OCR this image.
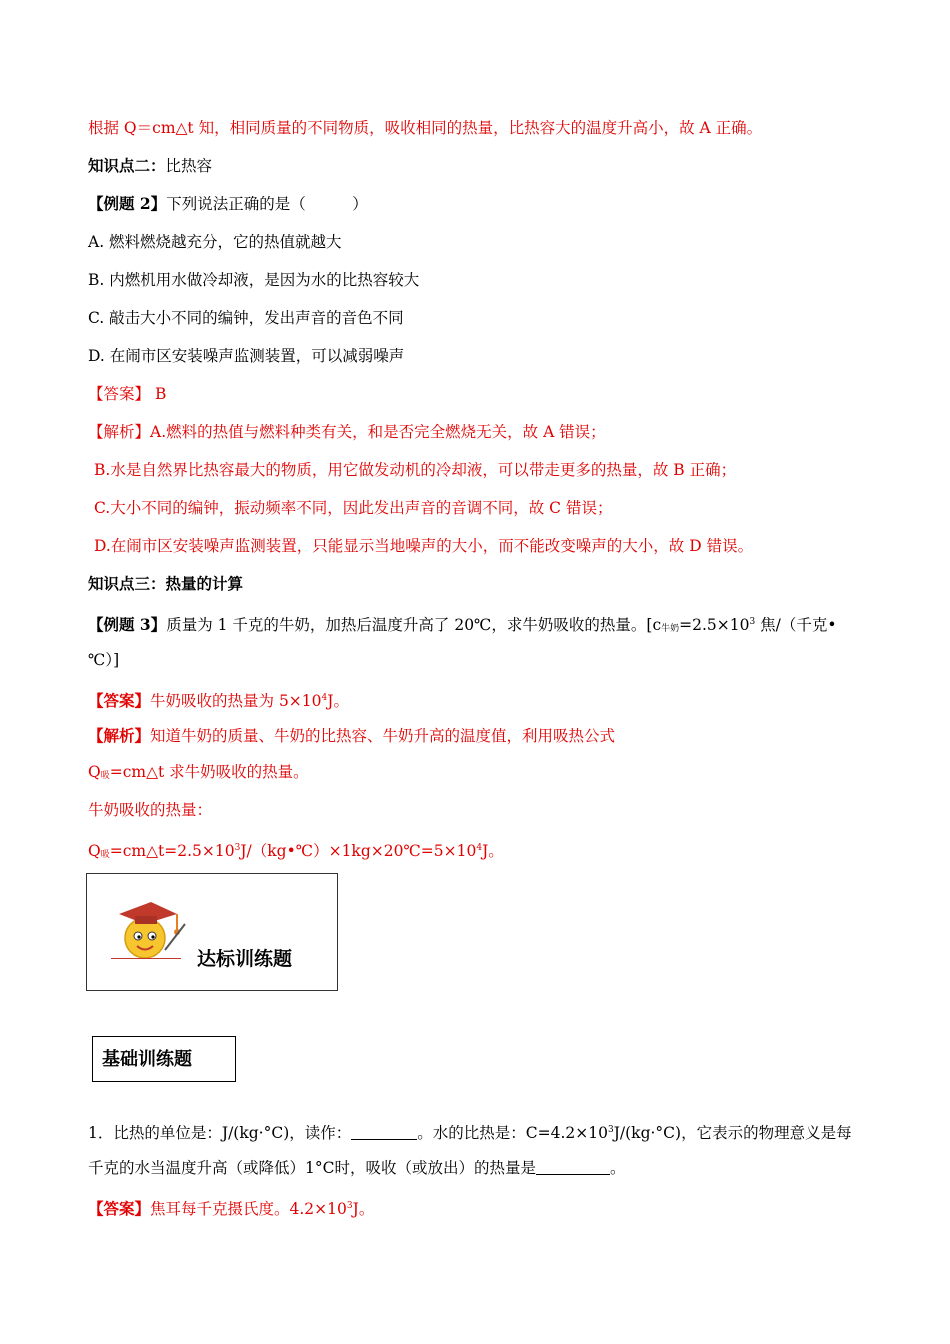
根据 Q＝cm△t 知，相同质量的不同物质，吸收相同的热量，比热容大的温度升高小，故 A 正确。
知识点二：比热容
【例题 2】下列说法正确的是（　　　）
A. 燃料燃烧越充分，它的热值就越大
B. 内燃机用水做冷却液，是因为水的比热容较大
C. 敲击大小不同的编钟，发出声音的音色不同
D. 在闹市区安装噪声监测装置，可以减弱噪声
【答案】 B
【解析】A.燃料的热值与燃料种类有关，和是否完全燃烧无关，故 A 错误；
B.水是自然界比热容最大的物质，用它做发动机的冷却液，可以带走更多的热量，故 B 正确；
C.大小不同的编钟，振动频率不同，因此发出声音的音调不同，故 C 错误；
D.在闹市区安装噪声监测装置，只能显示当地噪声的大小，而不能改变噪声的大小，故 D 错误。
知识点三：热量的计算
【例题 3】质量为 1 千克的牛奶，加热后温度升高了 20℃，求牛奶吸收的热量。[c牛奶$=2.5\times 10^3$ 焦/（千克•
℃）]
【答案】牛奶吸收的热量为 $5\times 10^4J$。
【解析】知道牛奶的质量、牛奶的比热容、牛奶升高的温度值，利用吸热公式
Q吸=cm△t 求牛奶吸收的热量。
牛奶吸收的热量：
Q吸$=cm\triangle t=2.5\times 10^3J/(kg•℃)\times 1kg\times 20℃=5\times 10^4J$。
达标训练题
基础训练题
1．比热的单位是：J/(kg·°C)，读作：	。水的比热是：$C=4.2\times 10^3J/(kg\cdot^\circ C)$，它表示的物理意义是每
千克的水当温度升高（或降低）1°C时，吸收（或放出）的热量是	。
【答案】焦耳每千克摄氏度。$4.2\times 10^3J$。
